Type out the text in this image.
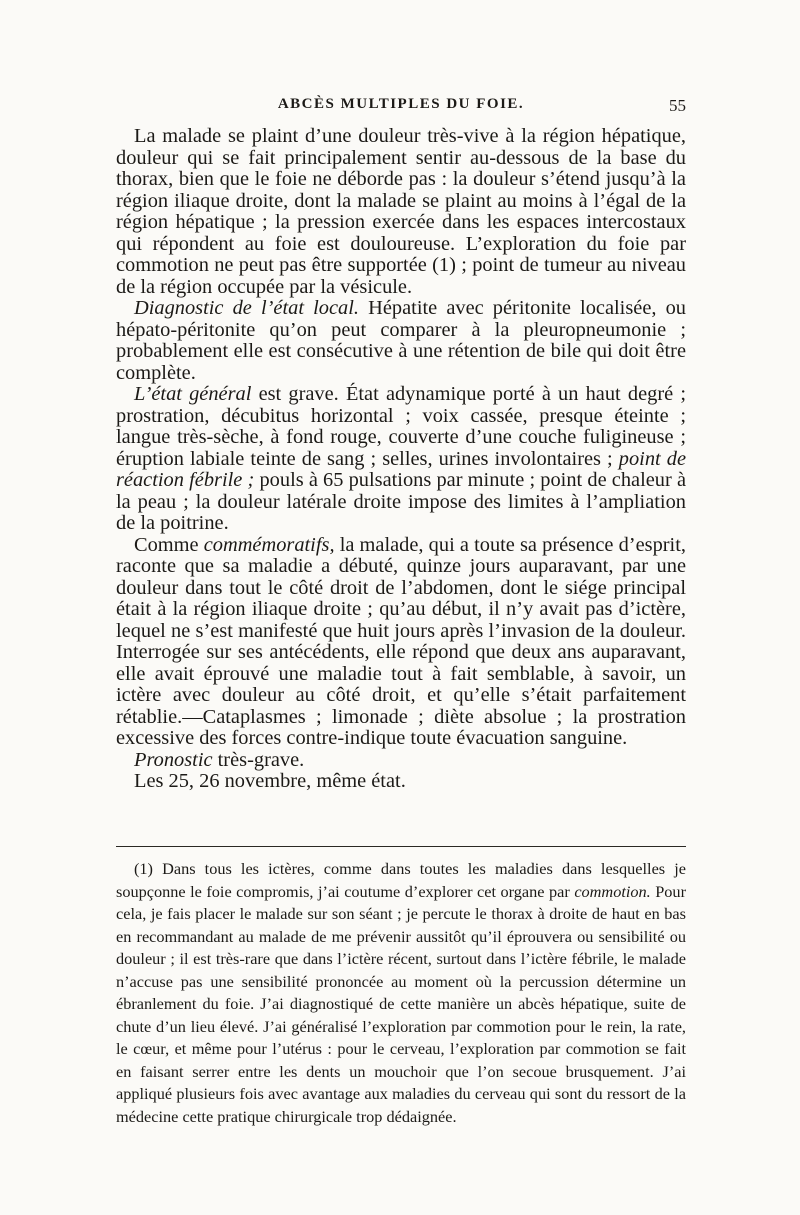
ABCÈS MULTIPLES DU FOIE.	55

La malade se plaint d’une douleur très-vive à la région hépatique, douleur qui se fait principalement sentir au-dessous de la base du thorax, bien que le foie ne déborde pas : la douleur s’étend jusqu’à la région iliaque droite, dont la malade se plaint au moins à l’égal de la région hépatique ; la pression exercée dans les espaces intercostaux qui répondent au foie est douloureuse. L’exploration du foie par commotion ne peut pas être supportée (1) ; point de tumeur au niveau de la région occupée par la vésicule.

Diagnostic de l’état local. Hépatite avec péritonite localisée, ou hépato-péritonite qu’on peut comparer à la pleuropneumonie ; probablement elle est consécutive à une rétention de bile qui doit être complète.

L’état général est grave. État adynamique porté à un haut degré ; prostration, décubitus horizontal ; voix cassée, presque éteinte ; langue très-sèche, à fond rouge, couverte d’une couche fuligineuse ; éruption labiale teinte de sang ; selles, urines involontaires ; point de réaction fébrile ; pouls à 65 pulsations par minute ; point de chaleur à la peau ; la douleur latérale droite impose des limites à l’ampliation de la poitrine.

Comme commémoratifs, la malade, qui a toute sa présence d’esprit, raconte que sa maladie a débuté, quinze jours auparavant, par une douleur dans tout le côté droit de l’abdomen, dont le siége principal était à la région iliaque droite ; qu’au début, il n’y avait pas d’ictère, lequel ne s’est manifesté que huit jours après l’invasion de la douleur. Interrogée sur ses antécédents, elle répond que deux ans auparavant, elle avait éprouvé une maladie tout à fait semblable, à savoir, un ictère avec douleur au côté droit, et qu’elle s’était parfaitement rétablie.—Cataplasmes ; limonade ; diète absolue ; la prostration excessive des forces contre-indique toute évacuation sanguine.

Pronostic très-grave.

Les 25, 26 novembre, même état.

(1) Dans tous les ictères, comme dans toutes les maladies dans lesquelles je soupçonne le foie compromis, j’ai coutume d’explorer cet organe par commotion. Pour cela, je fais placer le malade sur son séant ; je percute le thorax à droite de haut en bas en recommandant au malade de me prévenir aussitôt qu’il éprouvera ou sensibilité ou douleur ; il est très-rare que dans l’ictère récent, surtout dans l’ictère fébrile, le malade n’accuse pas une sensibilité prononcée au moment où la percussion détermine un ébranlement du foie. J’ai diagnostiqué de cette manière un abcès hépatique, suite de chute d’un lieu élevé. J’ai généralisé l’exploration par commotion pour le rein, la rate, le cœur, et même pour l’utérus : pour le cerveau, l’exploration par commotion se fait en faisant serrer entre les dents un mouchoir que l’on secoue brusquement. J’ai appliqué plusieurs fois avec avantage aux maladies du cerveau qui sont du ressort de la médecine cette pratique chirurgicale trop dédaignée.
